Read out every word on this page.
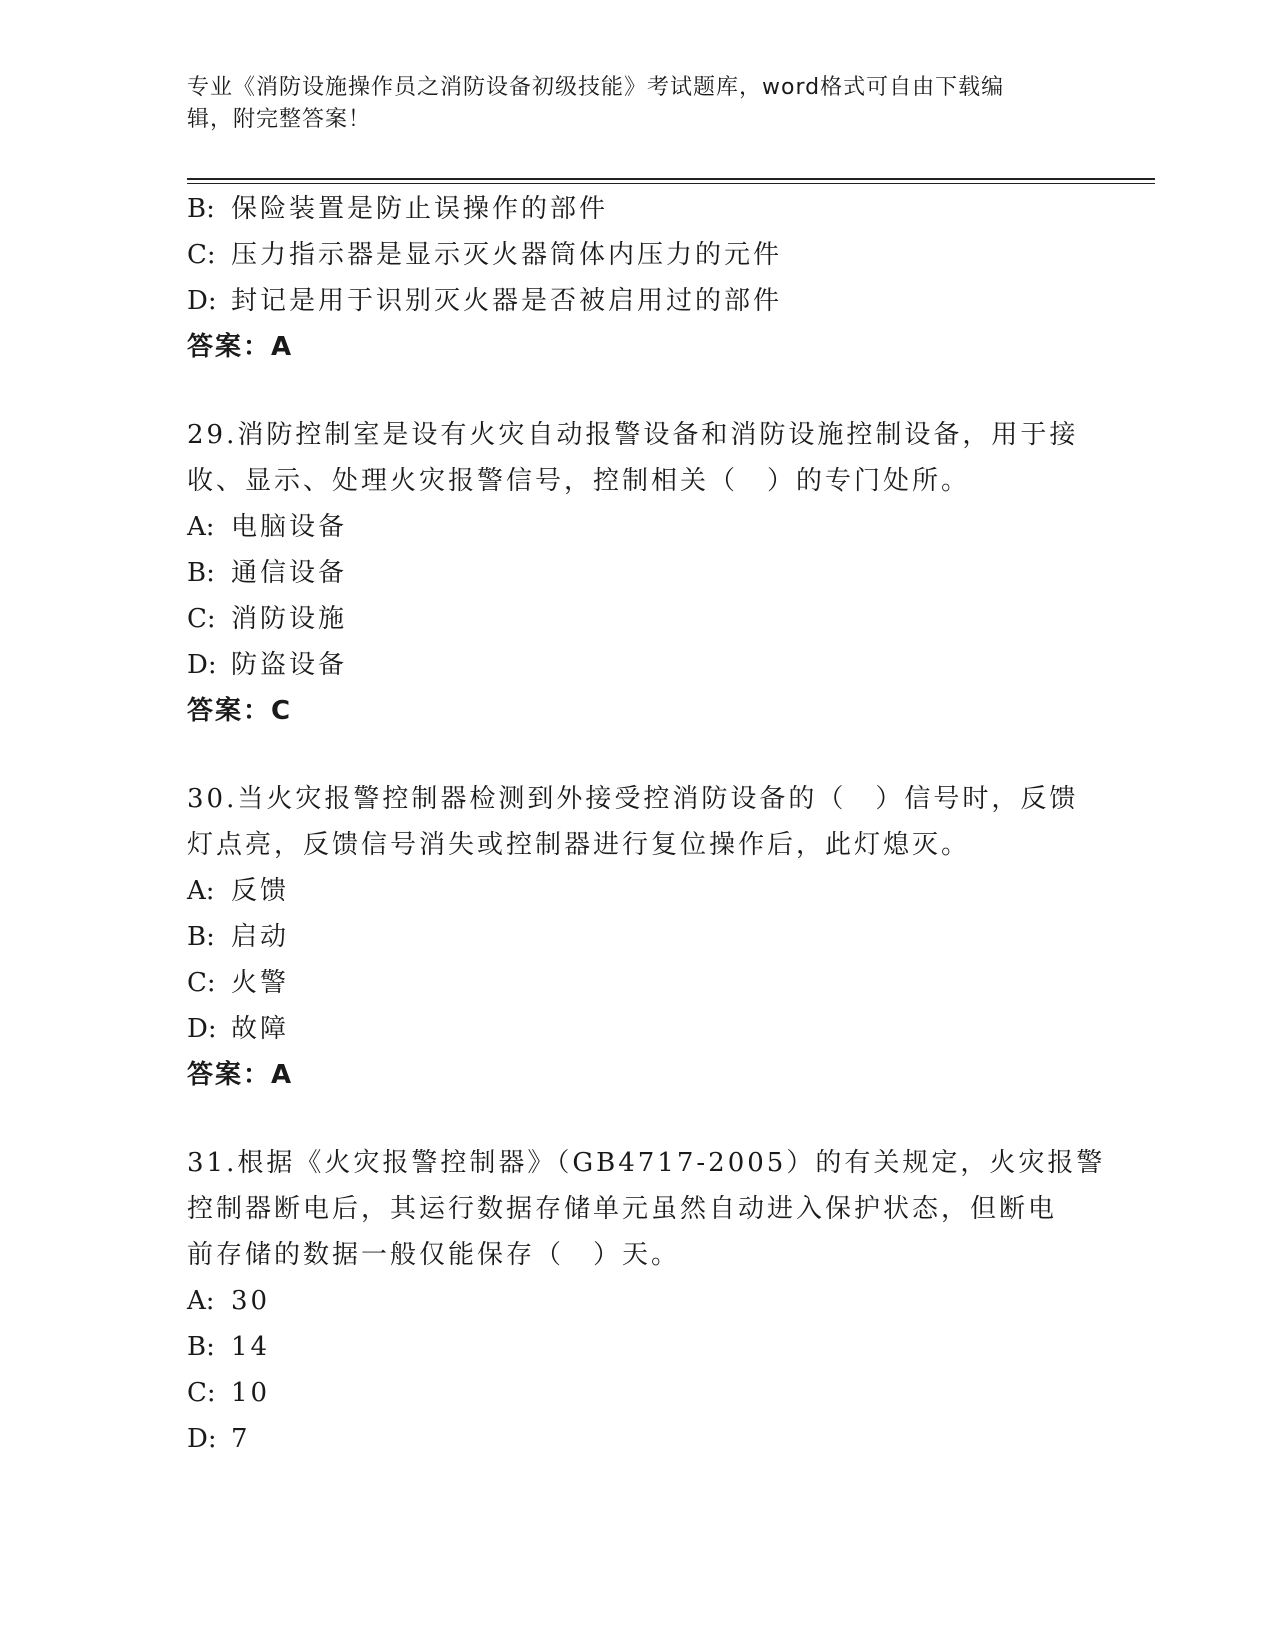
专业《消防设施操作员之消防设备初级技能》考试题库，word格式可自由下载编
辑，附完整答案！
B: 保险装置是防止误操作的部件
C: 压力指示器是显示灭火器筒体内压力的元件
D: 封记是用于识别灭火器是否被启用过的部件
答案：A
29.消防控制室是设有火灾自动报警设备和消防设施控制设备，用于接
收、显示、处理火灾报警信号，控制相关（　）的专门处所。
A: 电脑设备
B: 通信设备
C: 消防设施
D: 防盗设备
答案：C
30.当火灾报警控制器检测到外接受控消防设备的（　）信号时，反馈
灯点亮，反馈信号消失或控制器进行复位操作后，此灯熄灭。
A: 反馈
B: 启动
C: 火警
D: 故障
答案：A
31.根据《火灾报警控制器》（GB4717-2005）的有关规定，火灾报警
控制器断电后，其运行数据存储单元虽然自动进入保护状态，但断电
前存储的数据一般仅能保存（　）天。
A: 30
B: 14
C: 10
D: 7
